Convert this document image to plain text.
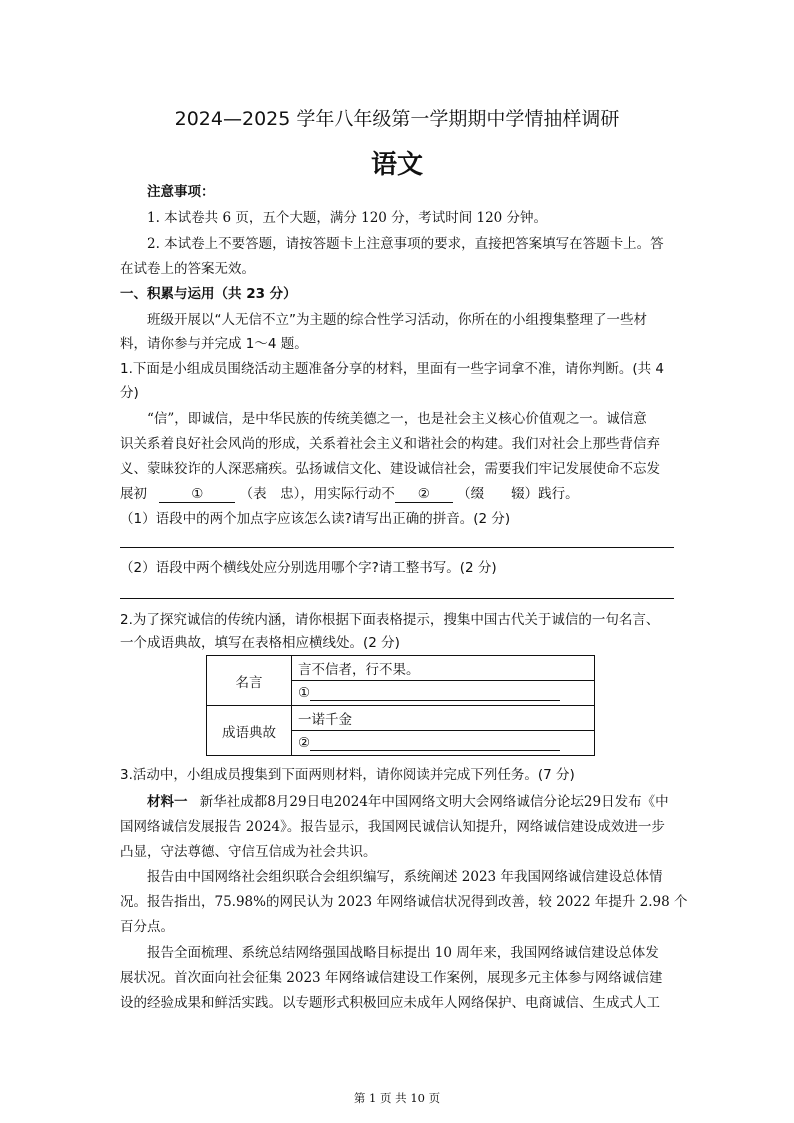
2024—2025 学年八年级第一学期期中学情抽样调研
语文
注意事项：
1. 本试卷共 6 页，五个大题，满分 120 分，考试时间 120 分钟。
2. 本试卷上不要答题，请按答题卡上注意事项的要求，直接把答案填写在答题卡上。答
在试卷上的答案无效。
一、积累与运用（共 23 分）
班级开展以“人无信不立”为主题的综合性学习活动，你所在的小组搜集整理了一些材
料，请你参与并完成 1～4 题。
1.下面是小组成员围绕活动主题准备分享的材料，里面有一些字词拿不准，请你判断。(共 4
分)
“信”，即诚信，是中华民族的传统美德之一，也是社会主义核心价值观之一。诚信意
识关系着良好社会风尚的形成，关系着社会主义和谐社会的构建。我们对社会上那些背信弃
义、蒙昧狡诈的人深恶痛疾。弘扬诚信文化、建设诚信社会，需要我们牢记发展使命不忘发
展初	①	（表　忠），用实际行动不 ② （缀　　辍）践行。
（1）语段中的两个加点字应该怎么读?请写出正确的拼音。(2 分)
（2）语段中两个横线处应分别选用哪个字?请工整书写。(2 分)
2.为了探究诚信的传统内涵，请你根据下面表格提示，搜集中国古代关于诚信的一句名言、
一个成语典故，填写在表格相应横线处。(2 分)
名言	言不信者，行不果。
	①
成语典故	一诺千金
	②
3.活动中，小组成员搜集到下面两则材料，请你阅读并完成下列任务。(7 分)
材料一 新华社成都8月29日电2024年中国网络文明大会网络诚信分论坛29日发布《中
国网络诚信发展报告 2024》。报告显示，我国网民诚信认知提升，网络诚信建设成效进一步
凸显，守法尊德、守信互信成为社会共识。
报告由中国网络社会组织联合会组织编写，系统阐述 2023 年我国网络诚信建设总体情
况。报告指出，75.98%的网民认为 2023 年网络诚信状况得到改善，较 2022 年提升 2.98 个
百分点。
报告全面梳理、系统总结网络强国战略目标提出 10 周年来，我国网络诚信建设总体发
展状况。首次面向社会征集 2023 年网络诚信建设工作案例，展现多元主体参与网络诚信建
设的经验成果和鲜活实践。以专题形式积极回应未成年人网络保护、电商诚信、生成式人工
第 1 页 共 10 页
